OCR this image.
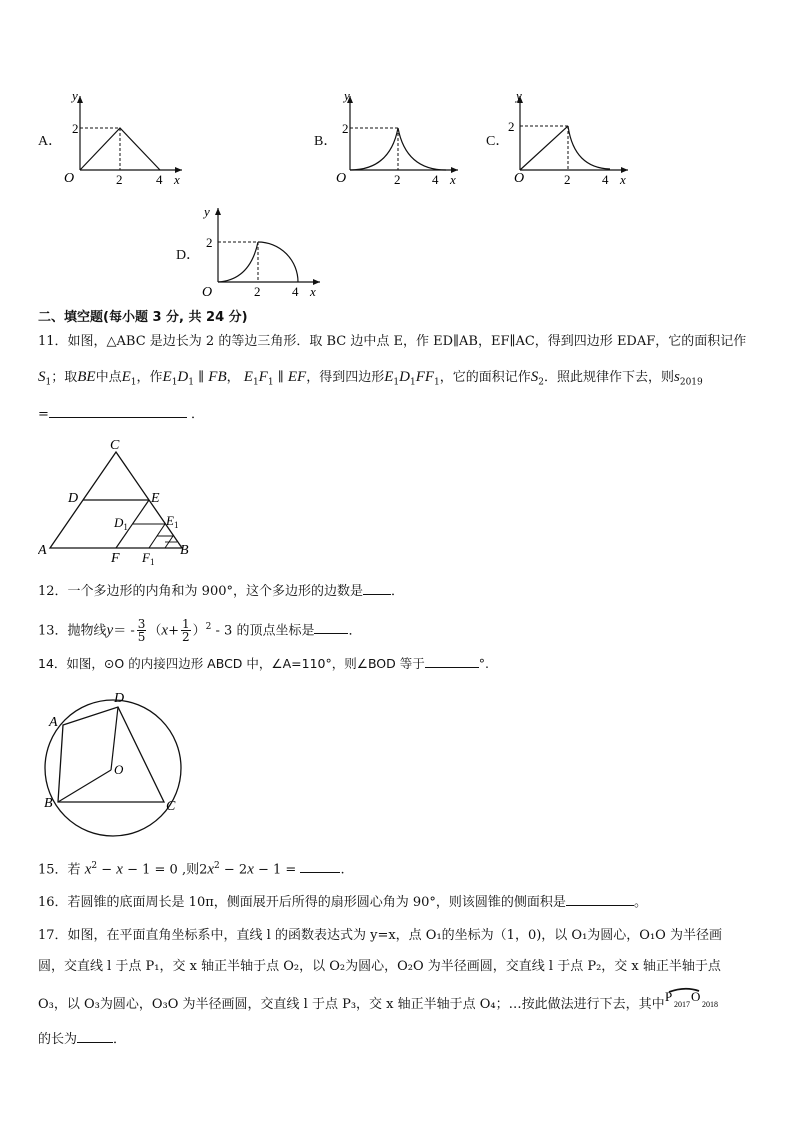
A．
y
2
O	2	4 x
B．
y
2
O	2 4 x
C．
y
2
O	2 4 x
D．
y
2
O	2 4 x
二、填空题(每小题 3 分, 共 24 分)
11．如图，△ABC 是边长为 2 的等边三角形．取 BC 边中点 E，作 ED∥AB，EF∥AC，得到四边形 EDAF，它的面积记作
$S_1$；取BE中点$E_1$，作$E_1D_1$ ∥ FB， $E_1F_1$ ∥ EF，得到四边形$E_1D_1FF_1$，它的面积记作$S_2$．照此规律作下去，则$s_{2019}$
=	．
C
D	E
$D_1$	$E_1$
A
F $F_1$
B
12．一个多边形的内角和为 900°，这个多边形的边数是 ．
13．抛物线$y= - \frac{3}{5} (x+ \frac{1}{2} )^2 - 3$ 的顶点坐标是	．
14．如图，⊙O 的内接四边形 ABCD 中，∠A=110°，则∠BOD 等于	°.
D
A
O
B	C
15．若 $x^2 - x - 1 = 0$ ,则$2x^2 - 2x - 1$ =	.
16．若圆锥的底面周长是 10π，侧面展开后所得的扇形圆心角为 90°，则该圆锥的侧面积是	。
17．如图，在平面直角坐标系中，直线 l 的函数表达式为 y=x，点 O₁的坐标为（1，0)，以 O₁为圆心，O₁O 为半径画
圆，交直线 l 于点 P₁，交 x 轴正半轴于点 O₂，以 O₂为圆心，O₂O 为半径画圆，交直线 l 于点 P₂，交 x 轴正半轴于点
O₃，以 O₃为圆心，O₃O 为半径画圆，交直线 l 于点 P₃，交 x 轴正半轴于点 O₄；…按此做法进行下去，其中
P
2017
O
2018
的长为	．
